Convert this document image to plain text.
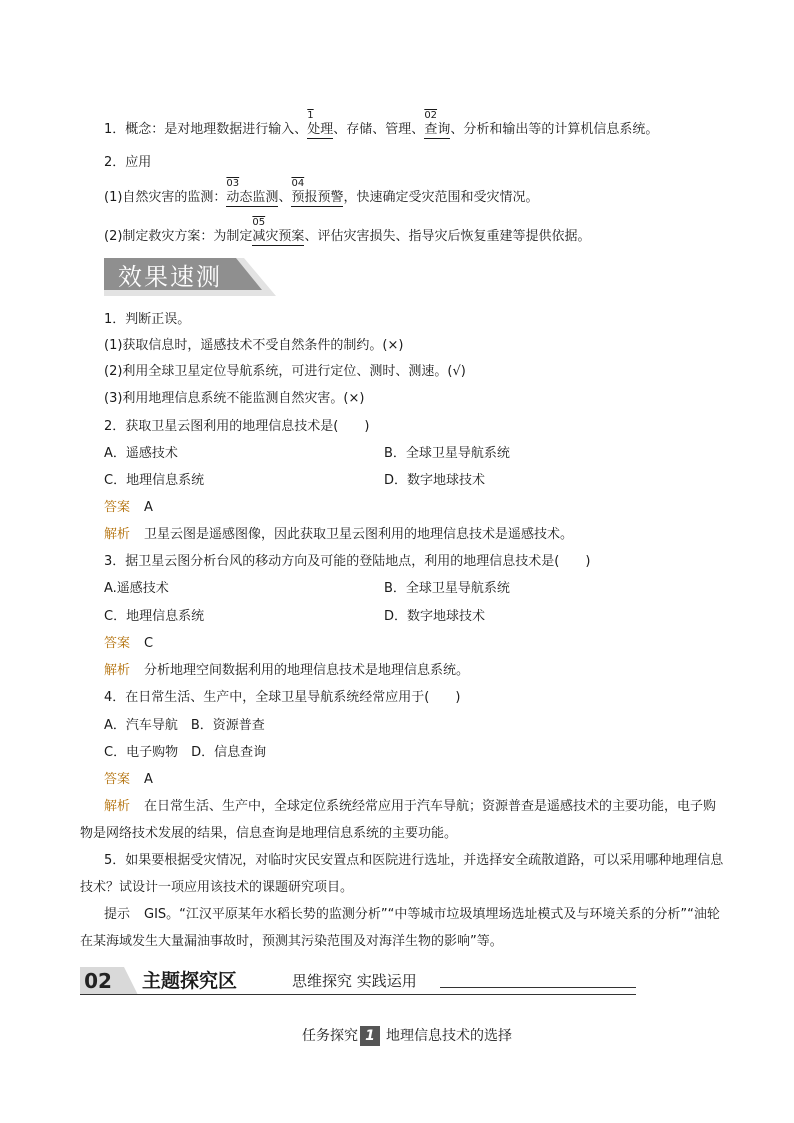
1．概念：是对地理数据进行输入、
1
处理、存储、管理、
02
查询、分析和输出等的计算机信息系统。
2．应用
(1)自然灾害的监测：
03
动态监测、
04
预报预警，快速确定受灾范围和受灾情况。
(2)制定救灾方案：为制定
05
减灾预案、评估灾害损失、指导灾后恢复重建等提供依据。
效果速测
1．判断正误。
(1)获取信息时，遥感技术不受自然条件的制约。(×)
(2)利用全球卫星定位导航系统，可进行定位、测时、测速。(√)
(3)利用地理信息系统不能监测自然灾害。(×)
2．获取卫星云图利用的地理信息技术是(　　)
A．遥感技术	B．全球卫星导航系统
C．地理信息系统	D．数字地球技术
答案 A
解析 卫星云图是遥感图像，因此获取卫星云图利用的地理信息技术是遥感技术。
3．据卫星云图分析台风的移动方向及可能的登陆地点，利用的地理信息技术是(　　)
A.遥感技术	B．全球卫星导航系统
C．地理信息系统	D．数字地球技术
答案 C
解析 分析地理空间数据利用的地理信息技术是地理信息系统。
4．在日常生活、生产中，全球卫星导航系统经常应用于(　　)
A．汽车导航　B．资源普查
C．电子购物　D．信息查询
答案 A
解析 在日常生活、生产中，全球定位系统经常应用于汽车导航；资源普查是遥感技术的主要功能，电子购物是网络技术发展的结果，信息查询是地理信息系统的主要功能。
5．如果要根据受灾情况，对临时灾民安置点和医院进行选址，并选择安全疏散道路，可以采用哪种地理信息技术？试设计一项应用该技术的课题研究项目。
提示 GIS。“江汉平原某年水稻长势的监测分析”“中等城市垃圾填埋场选址模式及与环境关系的分析”“油轮在某海域发生大量漏油事故时，预测其污染范围及对海洋生物的影响”等。
02 主题探究区	思维探究 实践运用
任务探究 1 地理信息技术的选择
